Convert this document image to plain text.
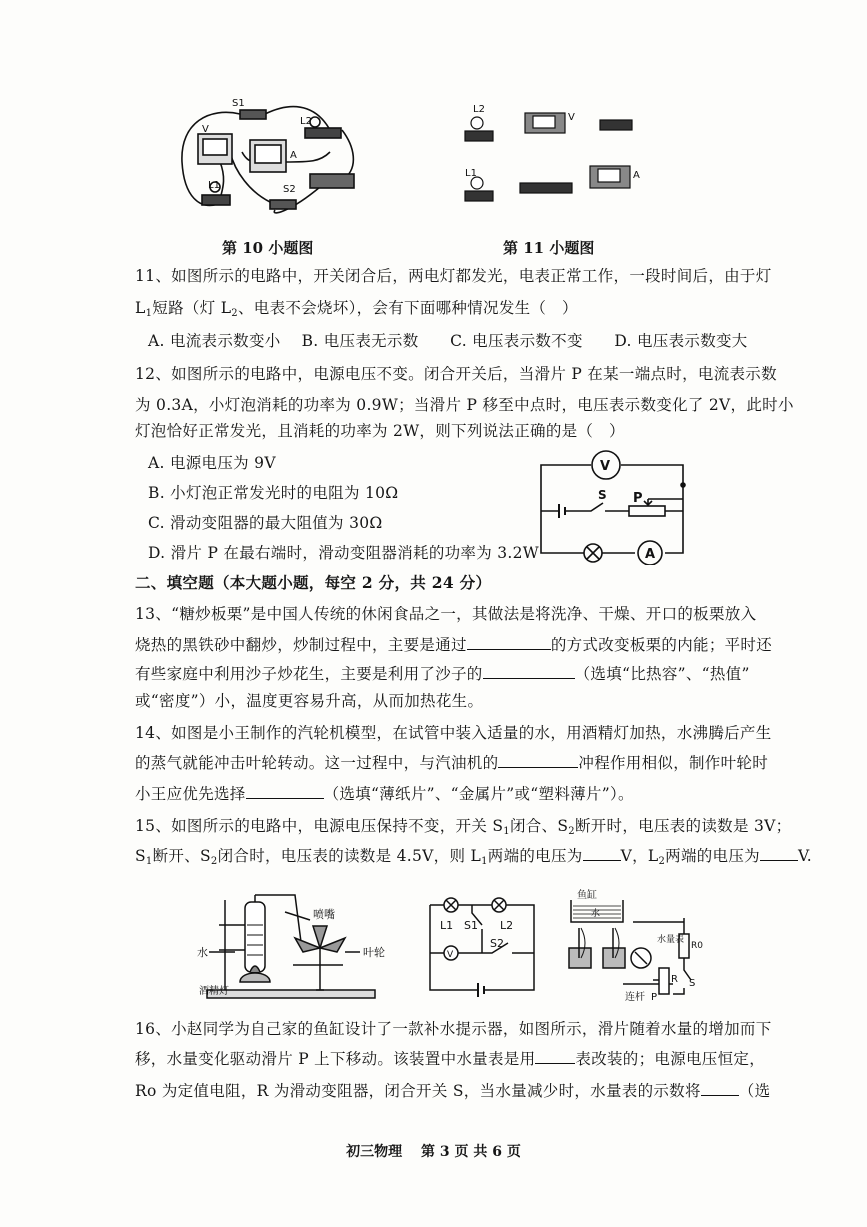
S1
L2
V
A
L1	S2
第 10 小题图
L2
V
L1	A
第 11 小题图
11、如图所示的电路中，开关闭合后，两电灯都发光，电表正常工作，一段时间后，由于灯
$L_1$短路（灯 $L_2$、电表不会烧坏），会有下面哪种情况发生（　）
A. 电流表示数变小　 B. 电压表无示数　　C. 电压表示数不变　　D. 电压表示数变大
12、如图所示的电路中，电源电压不变。闭合开关后，当滑片 P 在某一端点时，电流表示数
为 0.3A，小灯泡消耗的功率为 0.9W；当滑片 P 移至中点时，电压表示数变化了 2V，此时小
灯泡恰好正常发光，且消耗的功率为 2W，则下列说法正确的是（　）
A. 电源电压为 9V
B. 小灯泡正常发光时的电阻为 10Ω
C. 滑动变阻器的最大阻值为 30Ω
D. 滑片 P 在最右端时，滑动变阻器消耗的功率为 3.2W
V
S P
A
二、填空题（本大题小题，每空 2 分，共 24 分）
13、“糖炒板栗”是中国人传统的休闲食品之一，其做法是将洗净、干燥、开口的板栗放入
烧热的黑铁砂中翻炒，炒制过程中，主要是通过	的方式改变板栗的内能；平时还
有些家庭中利用沙子炒花生，主要是利用了沙子的	（选填“比热容”、“热值”
或“密度”）小，温度更容易升高，从而加热花生。
14、如图是小王制作的汽轮机模型，在试管中装入适量的水，用酒精灯加热，水沸腾后产生
的蒸气就能冲击叶轮转动。这一过程中，与汽油机的	冲程作用相似，制作叶轮时
小王应优先选择	（选填“薄纸片”、“金属片”或“塑料薄片”）。
15、如图所示的电路中，电源电压保持不变，开关 $S_1$闭合、$S_2$断开时，电压表的读数是 3V；
$S_1$断开、$S_2$闭合时，电压表的读数是 4.5V，则 $L_1$两端的电压为 V，$L_2$两端的电压为 V.
水
喷嘴
叶轮
酒精灯
L1 S1 L2
S2
V
鱼缸
水
水量表
R0
连杆 P
R S
16、小赵同学为自己家的鱼缸设计了一款补水提示器，如图所示，滑片随着水量的增加而下
移，水量变化驱动滑片 P 上下移动。该装置中水量表是用	表改装的；电源电压恒定，
Ro 为定值电阻，R 为滑动变阻器，闭合开关 S，当水量减少时，水量表的示数将 （选
初三物理　 第 3 页 共 6 页
